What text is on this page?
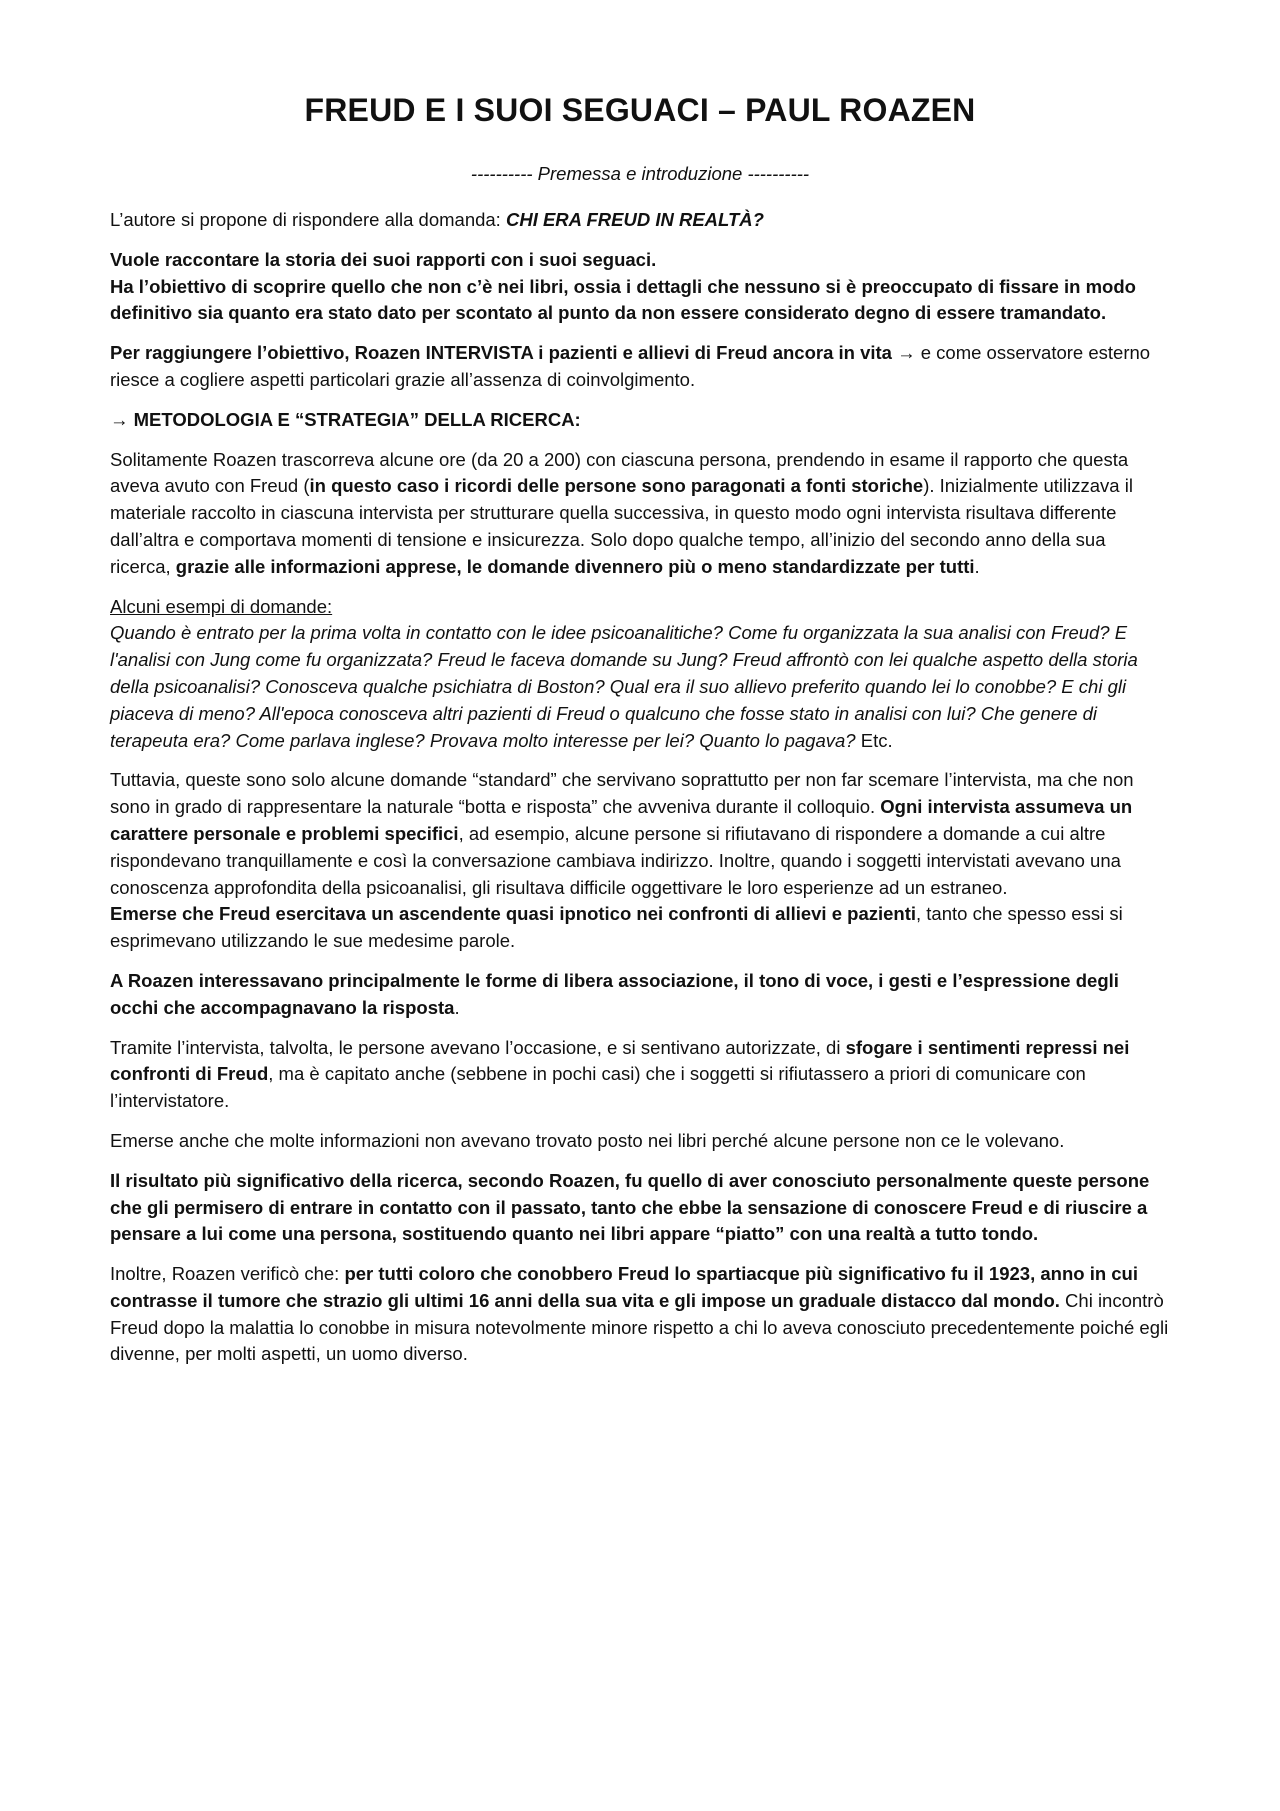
FREUD E I SUOI SEGUACI – PAUL ROAZEN
---------- Premessa e introduzione ----------

L’autore si propone di rispondere alla domanda: CHI ERA FREUD IN REALTÀ?

Vuole raccontare la storia dei suoi rapporti con i suoi seguaci.
Ha l’obiettivo di scoprire quello che non c’è nei libri, ossia i dettagli che nessuno si è preoccupato di fissare in modo definitivo sia quanto era stato dato per scontato al punto da non essere considerato degno di essere tramandato.

Per raggiungere l’obiettivo, Roazen INTERVISTA i pazienti e allievi di Freud ancora in vita → e come osservatore esterno riesce a cogliere aspetti particolari grazie all’assenza di coinvolgimento.

→ METODOLOGIA E “STRATEGIA” DELLA RICERCA:

Solitamente Roazen trascorreva alcune ore (da 20 a 200) con ciascuna persona, prendendo in esame il rapporto che questa aveva avuto con Freud (in questo caso i ricordi delle persone sono paragonati a fonti storiche). Inizialmente utilizzava il materiale raccolto in ciascuna intervista per strutturare quella successiva, in questo modo ogni intervista risultava differente dall’altra e comportava momenti di tensione e insicurezza. Solo dopo qualche tempo, all’inizio del secondo anno della sua ricerca, grazie alle informazioni apprese, le domande divennero più o meno standardizzate per tutti.

Alcuni esempi di domande:
Quando è entrato per la prima volta in contatto con le idee psicoanalitiche? Come fu organizzata la sua analisi con Freud? E l'analisi con Jung come fu organizzata? Freud le faceva domande su Jung? Freud affrontò con lei qualche aspetto della storia della psicoanalisi? Conosceva qualche psichiatra di Boston? Qual era il suo allievo preferito quando lei lo conobbe? E chi gli piaceva di meno? All'epoca conosceva altri pazienti di Freud o qualcuno che fosse stato in analisi con lui? Che genere di terapeuta era? Come parlava inglese? Provava molto interesse per lei? Quanto lo pagava? Etc.

Tuttavia, queste sono solo alcune domande “standard” che servivano soprattutto per non far scemare l’intervista, ma che non sono in grado di rappresentare la naturale “botta e risposta” che avveniva durante il colloquio. Ogni intervista assumeva un carattere personale e problemi specifici, ad esempio, alcune persone si rifiutavano di rispondere a domande a cui altre rispondevano tranquillamente e così la conversazione cambiava indirizzo. Inoltre, quando i soggetti intervistati avevano una conoscenza approfondita della psicoanalisi, gli risultava difficile oggettivare le loro esperienze ad un estraneo.
Emerse che Freud esercitava un ascendente quasi ipnotico nei confronti di allievi e pazienti, tanto che spesso essi si esprimevano utilizzando le sue medesime parole.

A Roazen interessavano principalmente le forme di libera associazione, il tono di voce, i gesti e l’espressione degli occhi che accompagnavano la risposta.

Tramite l’intervista, talvolta, le persone avevano l’occasione, e si sentivano autorizzate, di sfogare i sentimenti repressi nei confronti di Freud, ma è capitato anche (sebbene in pochi casi) che i soggetti si rifiutassero a priori di comunicare con l’intervistatore.

Emerse anche che molte informazioni non avevano trovato posto nei libri perché alcune persone non ce le volevano.

Il risultato più significativo della ricerca, secondo Roazen, fu quello di aver conosciuto personalmente queste persone che gli permisero di entrare in contatto con il passato, tanto che ebbe la sensazione di conoscere Freud e di riuscire a pensare a lui come una persona, sostituendo quanto nei libri appare “piatto” con una realtà a tutto tondo.

Inoltre, Roazen verificò che: per tutti coloro che conobbero Freud lo spartiacque più significativo fu il 1923, anno in cui contrasse il tumore che strazio gli ultimi 16 anni della sua vita e gli impose un graduale distacco dal mondo. Chi incontrò Freud dopo la malattia lo conobbe in misura notevolmente minore rispetto a chi lo aveva conosciuto precedentemente poiché egli divenne, per molti aspetti, un uomo diverso.
